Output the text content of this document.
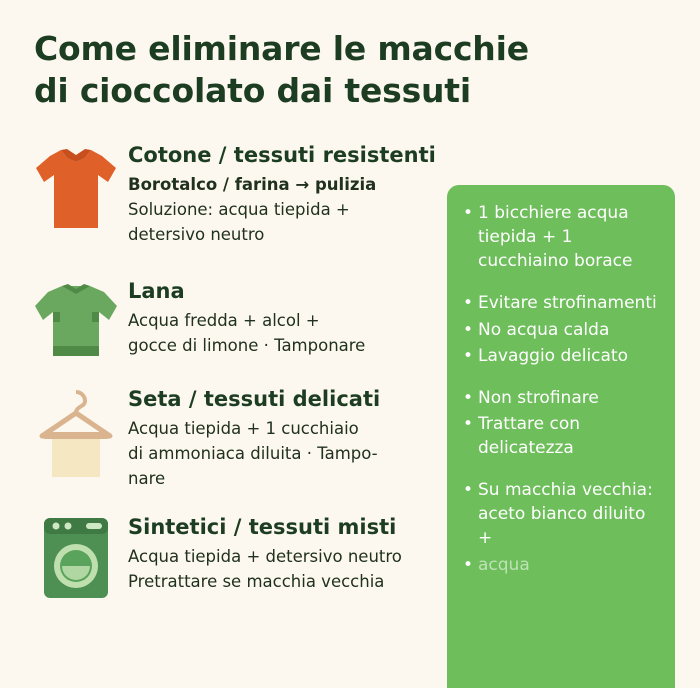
Come eliminare le macchie
di cioccolato dai tessuti
Cotone / tessuti resistenti
Borotalco / farina → pulizia
Soluzione: acqua tiepida +
detersivo neutro
Lana
Acqua fredda + alcol +
gocce di limone · Tamponare
Seta / tessuti delicati
Acqua tiepida + 1 cucchiaio
di ammoniaca diluita · Tampo-
nare
Sintetici / tessuti misti
Acqua tiepida + detersivo neutro
Pretrattare se macchia vecchia
• 1 bicchiere acqua tiepida + 1 cucchiaino borace
• Evitare strofinamenti
• No acqua calda
• Lavaggio delicato
• Non strofinare
• Trattare con delicatezza
• Su macchia vecchia: aceto bianco diluito +
• acqua
